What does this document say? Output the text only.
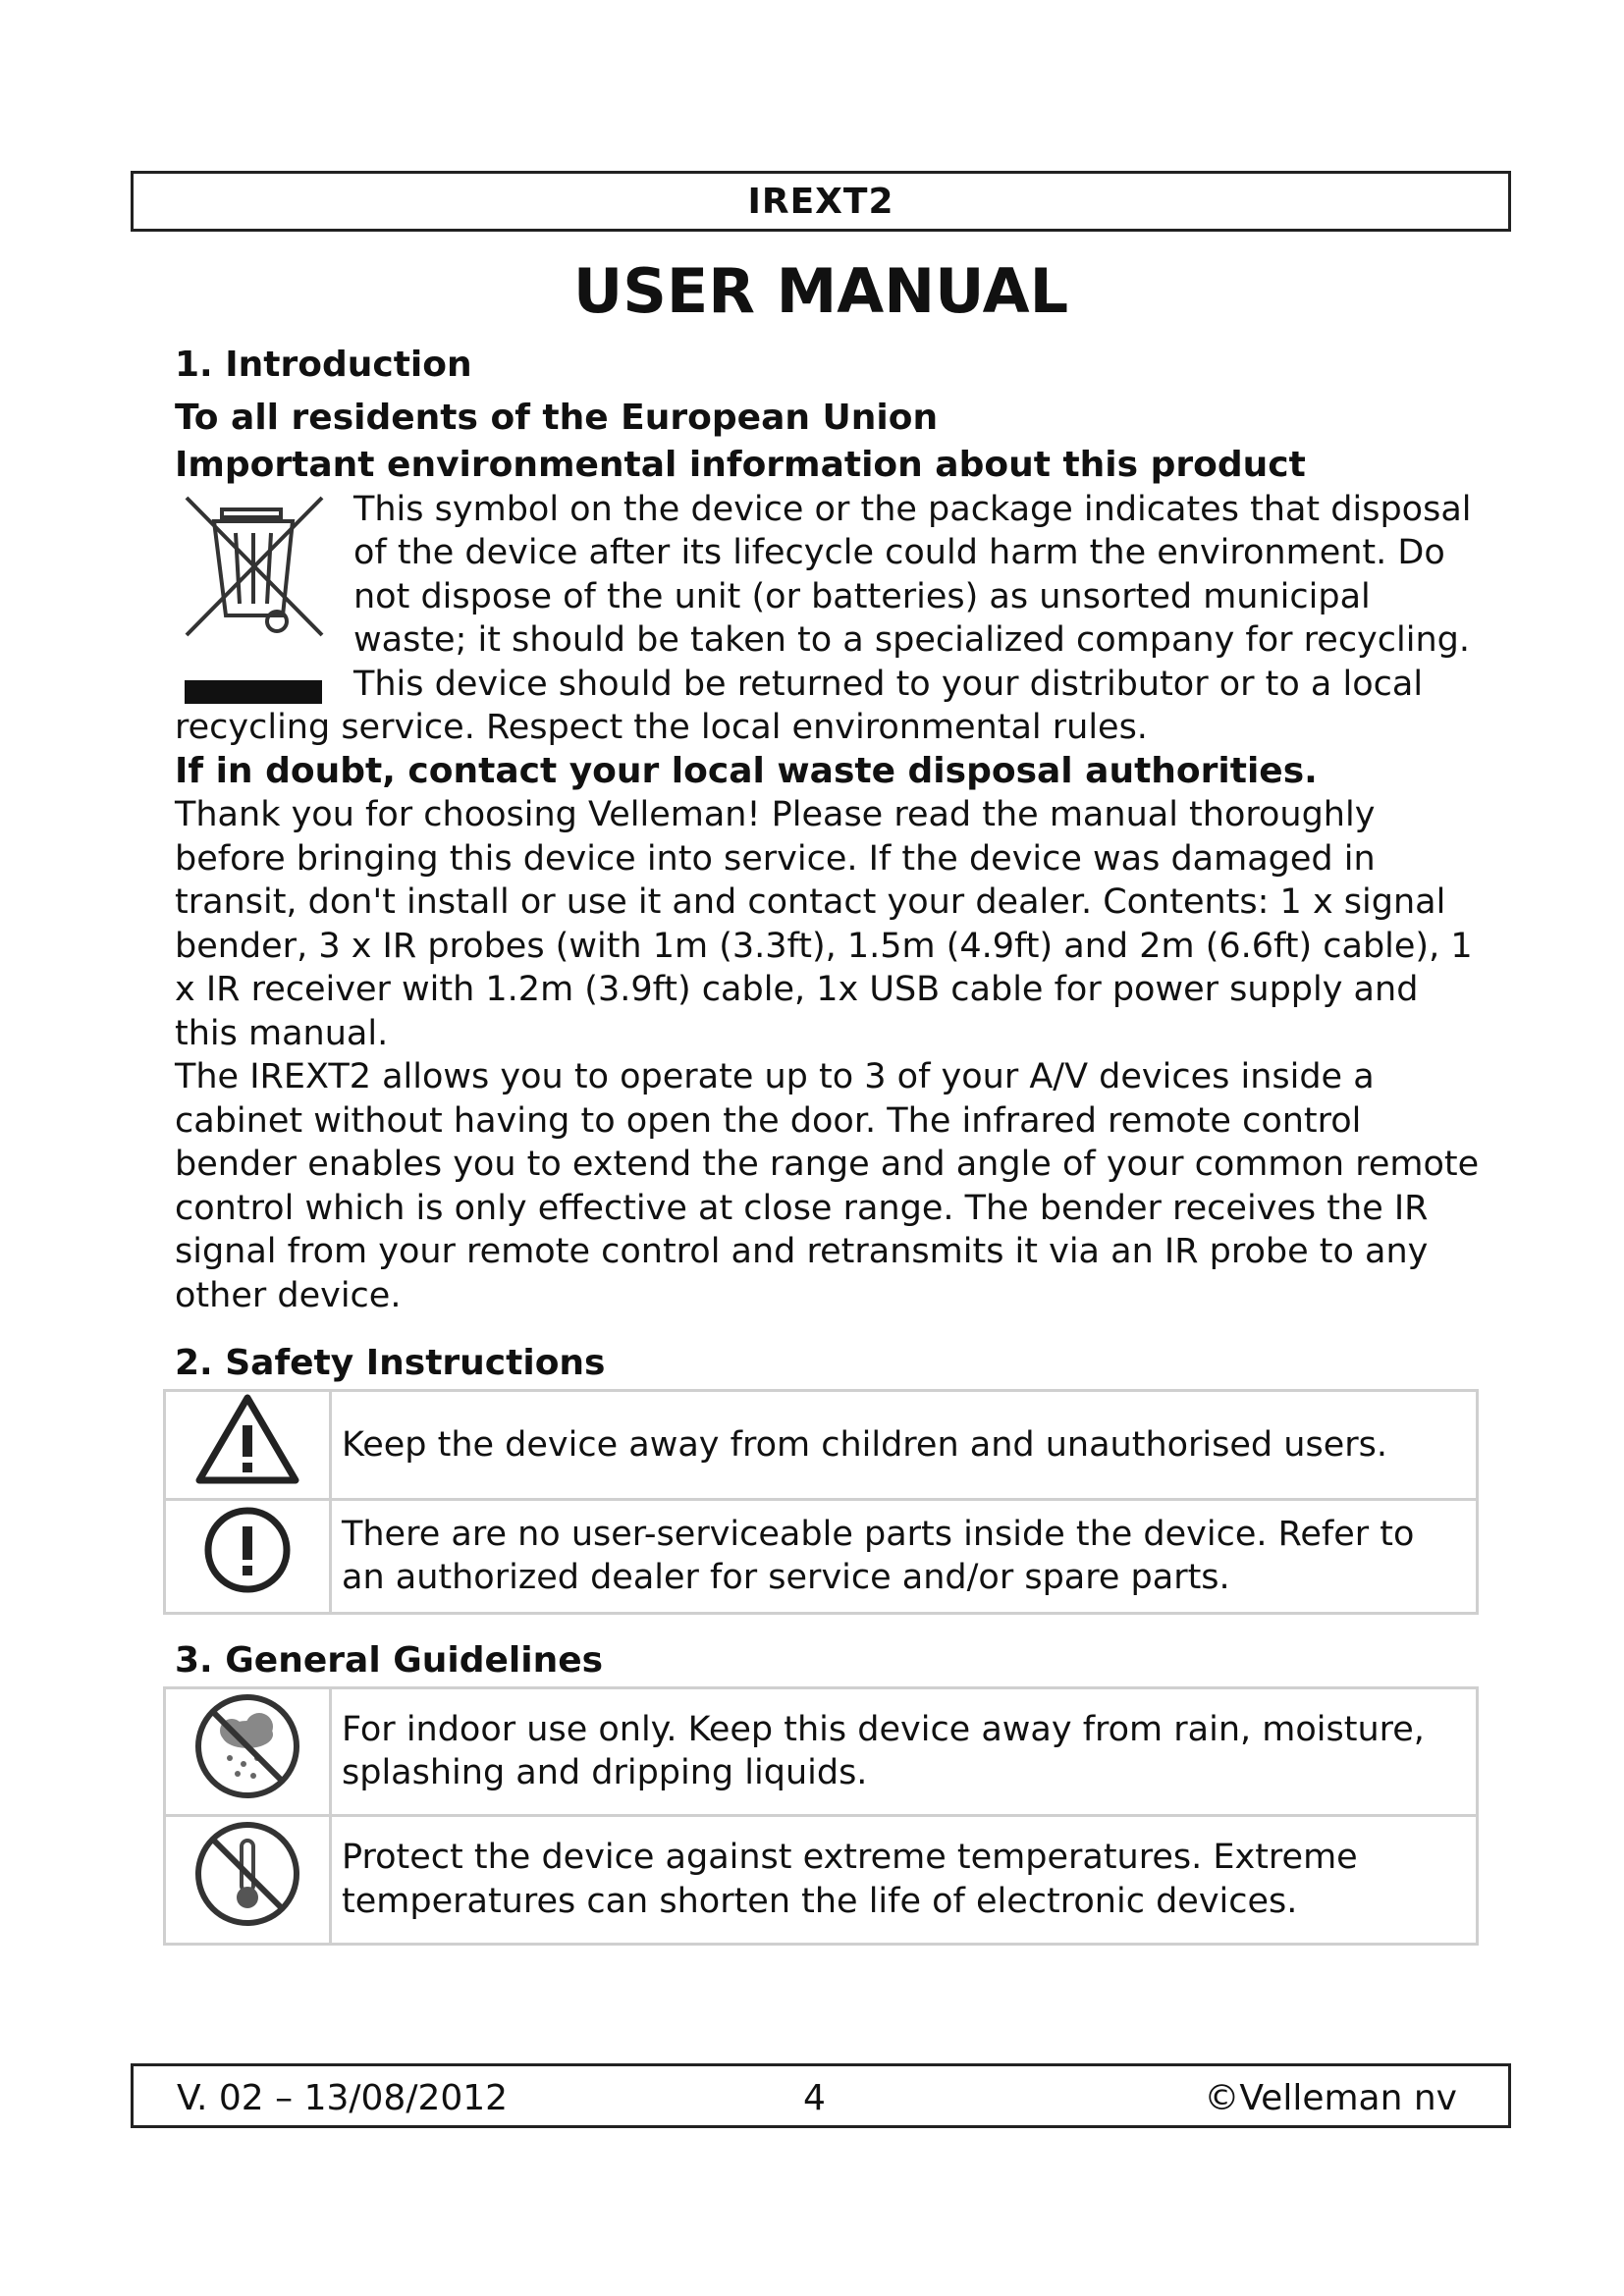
IREXT2
USER MANUAL

1. Introduction

To all residents of the European Union

Important environmental information about this product

This symbol on the device or the package indicates that disposal of the device after its lifecycle could harm the environment. Do not dispose of the unit (or batteries) as unsorted municipal waste; it should be taken to a specialized company for recycling. This device should be returned to your distributor or to a local recycling service. Respect the local environmental rules.

If in doubt, contact your local waste disposal authorities.

Thank you for choosing Velleman! Please read the manual thoroughly before bringing this device into service. If the device was damaged in transit, don't install or use it and contact your dealer. Contents: 1 x signal bender, 3 x IR probes (with 1m (3.3ft), 1.5m (4.9ft) and 2m (6.6ft) cable), 1 x IR receiver with 1.2m (3.9ft) cable, 1x USB cable for power supply and this manual.

The IREXT2 allows you to operate up to 3 of your A/V devices inside a cabinet without having to open the door. The infrared remote control bender enables you to extend the range and angle of your common remote control which is only effective at close range. The bender receives the IR signal from your remote control and retransmits it via an IR probe to any other device.

2. Safety Instructions

	Keep the device away from children and unauthorised users.
	There are no user-serviceable parts inside the device. Refer to an authorized dealer for service and/or spare parts.

3. General Guidelines

	For indoor use only. Keep this device away from rain, moisture, splashing and dripping liquids.
	Protect the device against extreme temperatures. Extreme temperatures can shorten the life of electronic devices.
V. 02 – 13/08/2012	4	©Velleman nv
